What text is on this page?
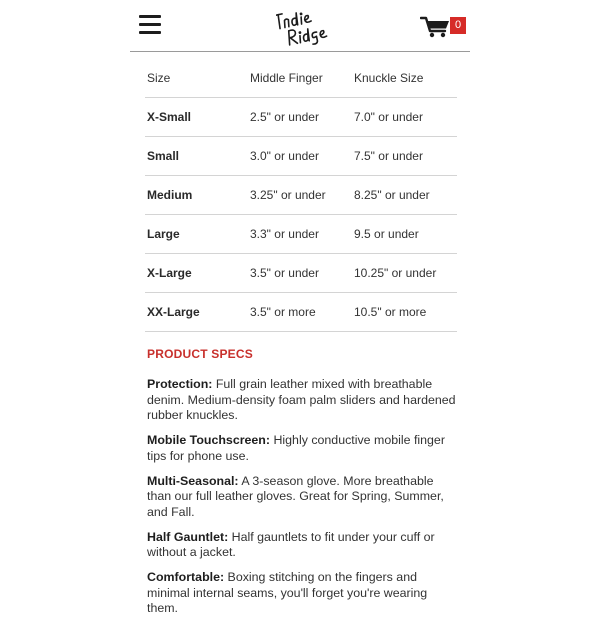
0
Size	Middle Finger	Knuckle Size
X-Small	2.5" or under	7.0" or under
Small	3.0" or under	7.5" or under
Medium	3.25" or under	8.25" or under
Large	3.3" or under	9.5 or under
X-Large	3.5" or under	10.25" or under
XX-Large	3.5" or more	10.5" or more
PRODUCT SPECS

Protection: Full grain leather mixed with breathable denim. Medium-density foam palm sliders and hardened rubber knuckles.

Mobile Touchscreen: Highly conductive mobile finger tips for phone use.

Multi-Seasonal: A 3-season glove. More breathable than our full leather gloves. Great for Spring, Summer, and Fall.

Half Gauntlet: Half gauntlets to fit under your cuff or without a jacket.

Comfortable: Boxing stitching on the fingers and minimal internal seams, you'll forget you're wearing them.
